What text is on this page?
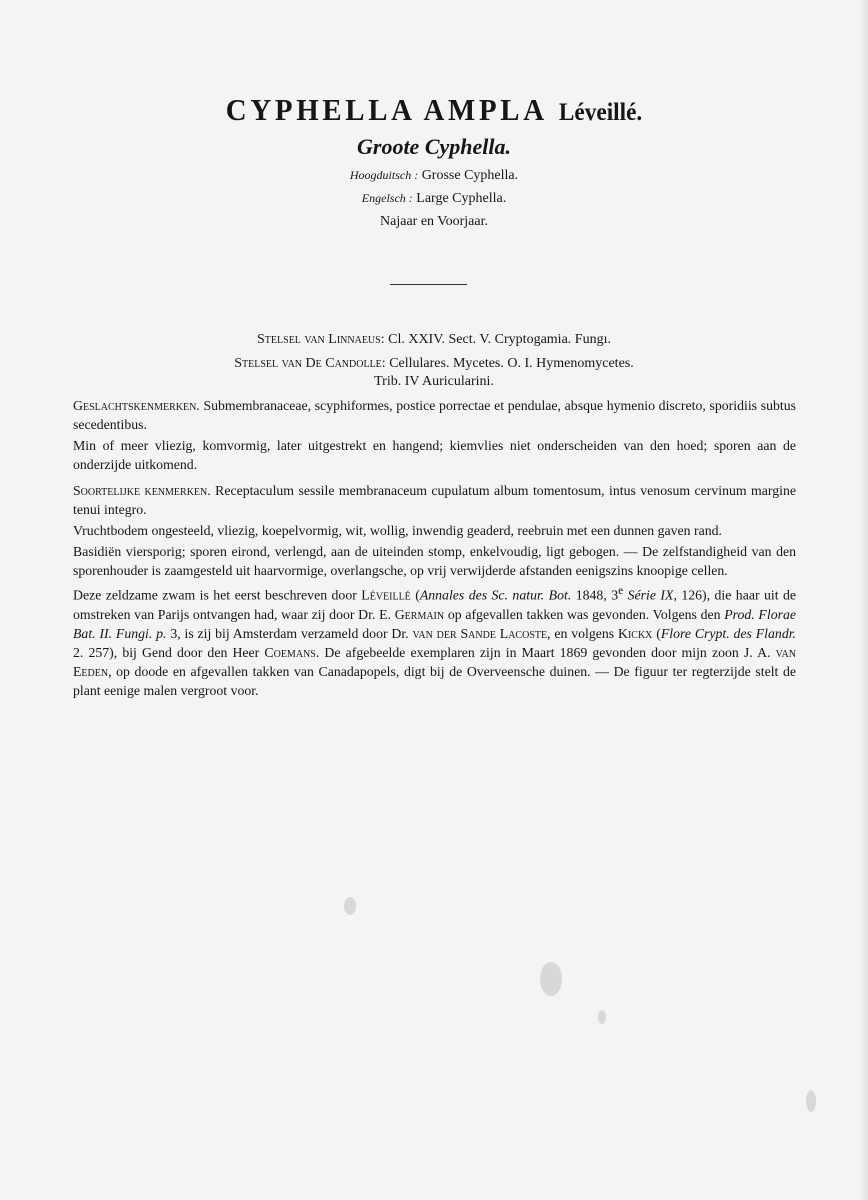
CYPHELLA AMPLA Léveillé.
Groote Cyphella.
Hoogduitsch : Grosse Cyphella.
Engelsch : Large Cyphella.
Najaar en Voorjaar.
Stelsel van Linnaeus: Cl. XXIV. Sect. V. Cryptogamia. Fungı.
Stelsel van De Candolle: Cellulares. Mycetes. O. I. Hymenomycetes.
Trib. IV Auricularini.

Geslachtskenmerken. Submembranaceae, scyphiformes, postice porrectae et pendulae, absque hymenio discreto, sporidiis subtus secedentibus.

Min of meer vliezig, komvormig, later uitgestrekt en hangend; kiemvlies niet onderscheiden van den hoed; sporen aan de onderzijde uitkomend.

Soortelijke kenmerken. Receptaculum sessile membranaceum cupulatum album tomentosum, intus venosum cervinum margine tenui integro.

Vruchtbodem ongesteeld, vliezig, koepelvormig, wit, wollig, inwendig geaderd, reebruin met een dunnen gaven rand.

Basidiën viersporig; sporen eirond, verlengd, aan de uiteinden stomp, enkelvoudig, ligt gebogen. — De zelfstandigheid van den sporenhouder is zaamgesteld uit haarvormige, overlangsche, op vrij verwijderde afstanden eenigszins knoopige cellen.

Deze zeldzame zwam is het eerst beschreven door Léveillé (Annales des Sc. natur. Bot. 1848, 3e Série IX, 126), die haar uit de omstreken van Parijs ontvangen had, waar zij door Dr. E. Germain op afgevallen takken was gevonden. Volgens den Prod. Florae Bat. II. Fungi. p. 3, is zij bij Amsterdam verzameld door Dr. van der Sande Lacoste, en volgens Kickx (Flore Crypt. des Flandr. 2. 257), bij Gend door den Heer Coemans. De afgebeelde exemplaren zijn in Maart 1869 gevonden door mijn zoon J. A. van Eeden, op doode en afgevallen takken van Canadapopels, digt bij de Overveensche duinen. — De figuur ter regterzijde stelt de plant eenige malen vergroot voor.
